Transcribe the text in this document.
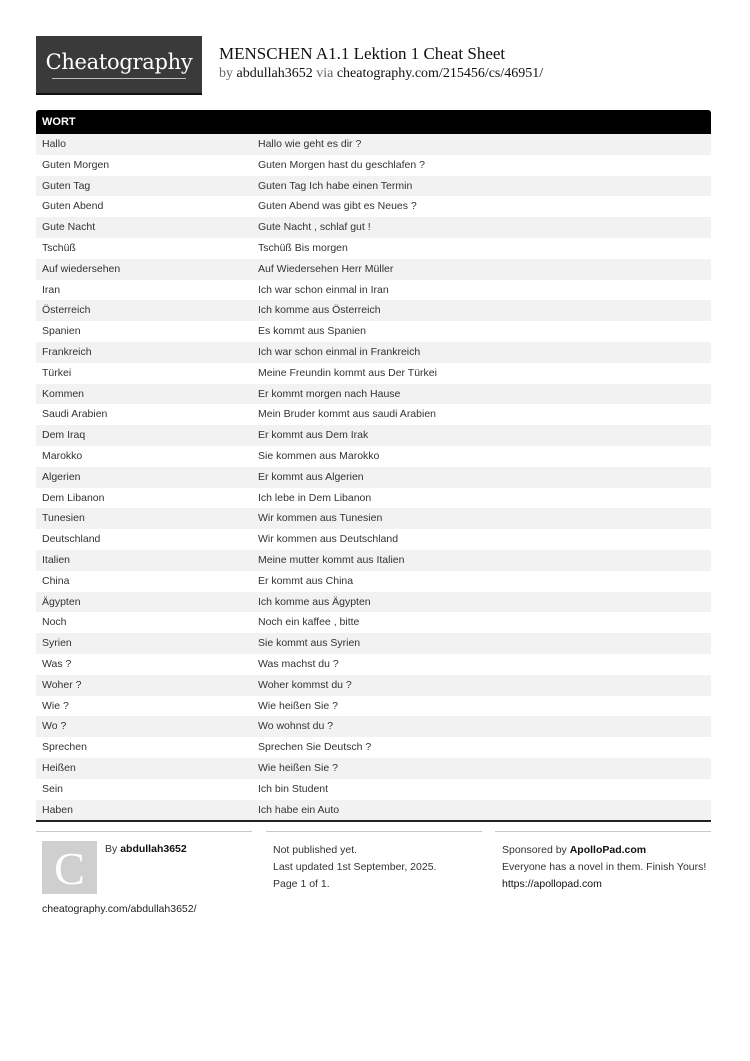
Cheatography	MENSCHEN A1.1 Lektion 1 Cheat Sheet
by abdullah3652 via cheatography.com/215456/cs/46951/
WORT
Hallo	Hallo wie geht es dir ?
Guten Morgen	Guten Morgen hast du geschlafen ?
Guten Tag	Guten Tag Ich habe einen Termin
Guten Abend	Guten Abend was gibt es Neues ?
Gute Nacht	Gute Nacht , schlaf gut !
Tschüß	Tschüß Bis morgen
Auf wiedersehen	Auf Wiedersehen Herr Müller
Iran	Ich war schon einmal in Iran
Österreich	Ich komme aus Österreich
Spanien	Es kommt aus Spanien
Frankreich	Ich war schon einmal in Frankreich
Türkei	Meine Freundin kommt aus Der Türkei
Kommen	Er kommt morgen nach Hause
Saudi Arabien	Mein Bruder kommt aus saudi Arabien
Dem Iraq	Er kommt aus Dem Irak
Marokko	Sie kommen aus Marokko
Algerien	Er kommt aus Algerien
Dem Libanon	Ich lebe in Dem Libanon
Tunesien	Wir kommen aus Tunesien
Deutschland	Wir kommen aus Deutschland
Italien	Meine mutter kommt aus Italien
China	Er kommt aus China
Ägypten	Ich komme aus Ägypten
Noch	Noch ein kaffee , bitte
Syrien	Sie kommt aus Syrien
Was ?	Was machst du ?
Woher ?	Woher kommst du ?
Wie ?	Wie heißen Sie ?
Wo ?	Wo wohnst du ?
Sprechen	Sprechen Sie Deutsch ?
Heißen	Wie heißen Sie ?
Sein	Ich bin Student
Haben	Ich habe ein Auto
C	By abdullah3652
cheatography.com/abdullah3652/
Not published yet.
Last updated 1st September, 2025.
Page 1 of 1.
Sponsored by ApolloPad.com
Everyone has a novel in them. Finish Yours!
https://apollopad.com
